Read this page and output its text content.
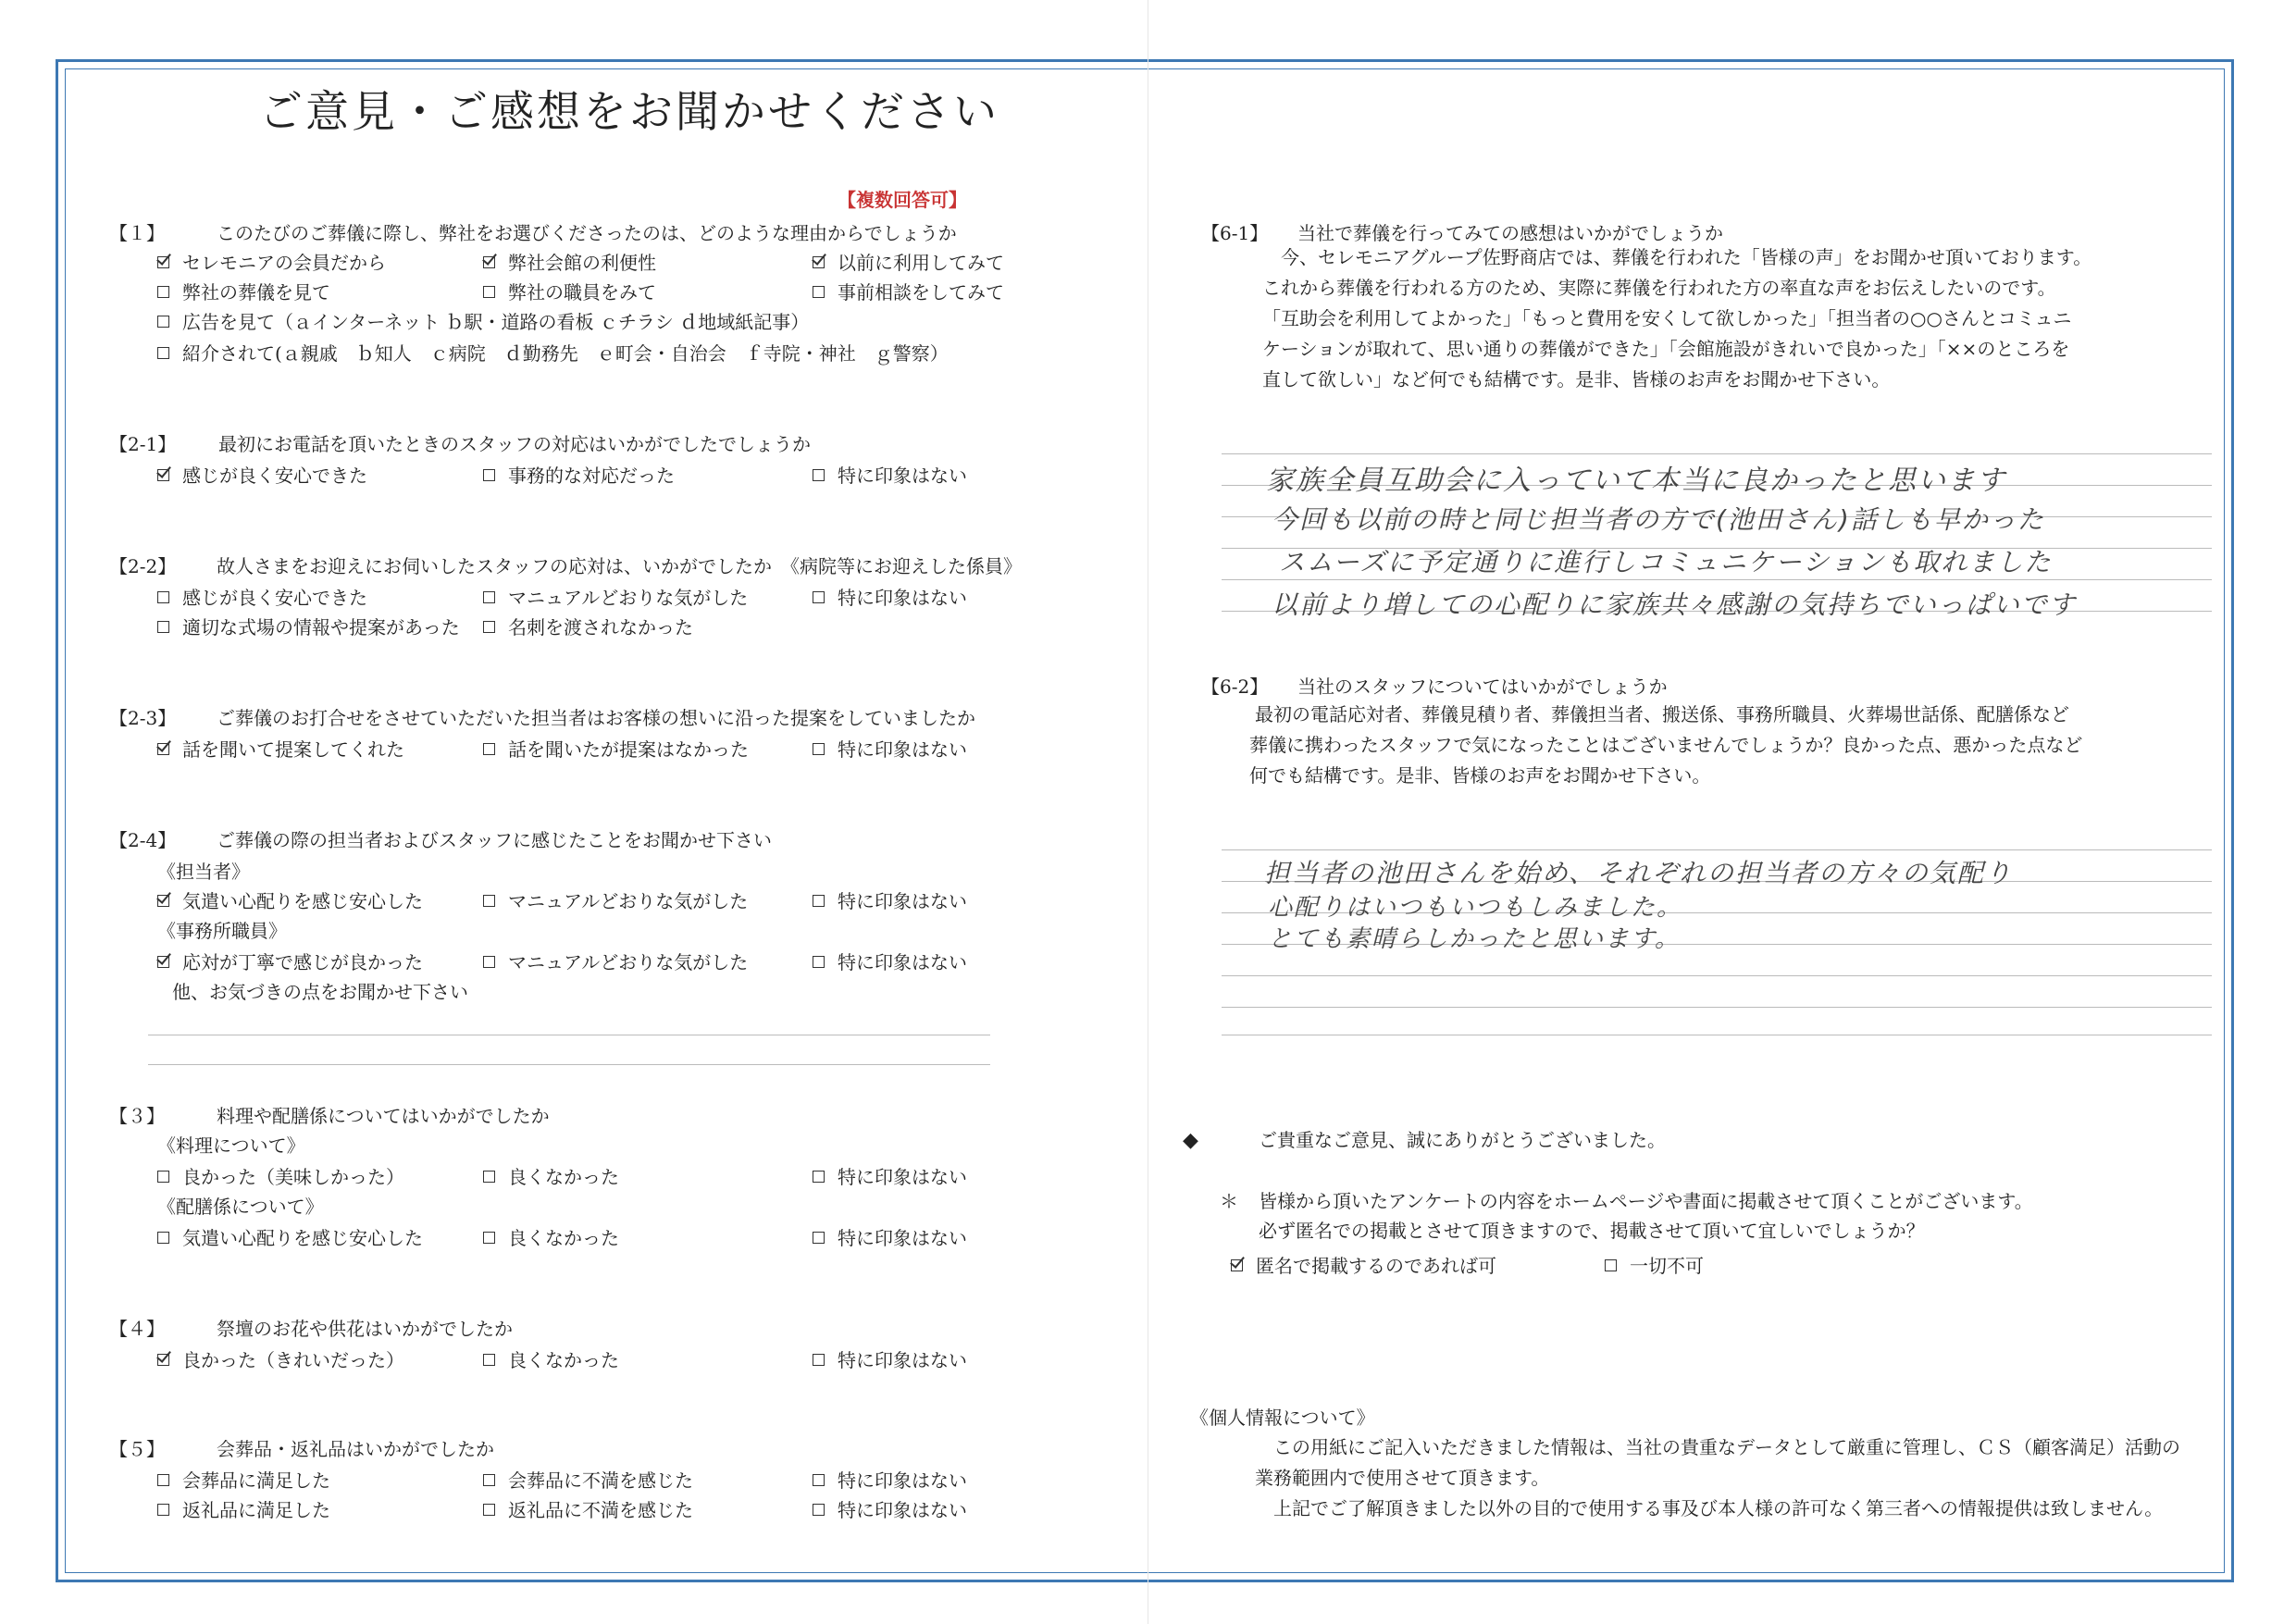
ご意見・ご感想をお聞かせください
【複数回答可】
【１】	このたびのご葬儀に際し、弊社をお選びくださったのは、どのような理由からでしょうか
セレモニアの会員だから	弊社会館の利便性	以前に利用してみて
弊社の葬儀を見て	弊社の職員をみて	事前相談をしてみて
広告を見て（ａインターネット ｂ駅・道路の看板 ｃチラシ ｄ地域紙記事）
紹介されて(ａ親戚　ｂ知人　ｃ病院　ｄ勤務先　ｅ町会・自治会　ｆ寺院・神社　ｇ警察）
【2-1】 最初にお電話を頂いたときのスタッフの対応はいかがでしたでしょうか
感じが良く安心できた	事務的な対応だった	特に印象はない
【2-2】 故人さまをお迎えにお伺いしたスタッフの応対は、いかがでしたか　《病院等にお迎えした係員》
感じが良く安心できた	マニュアルどおりな気がした	特に印象はない
適切な式場の情報や提案があった	名刺を渡されなかった
【2-3】 ご葬儀のお打合せをさせていただいた担当者はお客様の想いに沿った提案をしていましたか
話を聞いて提案してくれた	話を聞いたが提案はなかった	特に印象はない
【2-4】 ご葬儀の際の担当者およびスタッフに感じたことをお聞かせ下さい
《担当者》
気遣い心配りを感じ安心した	マニュアルどおりな気がした	特に印象はない
《事務所職員》
応対が丁寧で感じが良かった	マニュアルどおりな気がした	特に印象はない
他、お気づきの点をお聞かせ下さい
【３】	料理や配膳係についてはいかがでしたか
《料理について》
良かった（美味しかった）	良くなかった	特に印象はない
《配膳係について》
気遣い心配りを感じ安心した	良くなかった	特に印象はない
【４】	祭壇のお花や供花はいかがでしたか
良かった（きれいだった）	良くなかった	特に印象はない
【５】	会葬品・返礼品はいかがでしたか
会葬品に満足した	会葬品に不満を感じた	特に印象はない
返礼品に満足した	返礼品に不満を感じた	特に印象はない
【6-1】 当社で葬儀を行ってみての感想はいかがでしょうか
今、セレモニアグループ佐野商店では、葬儀を行われた「皆様の声」をお聞かせ頂いております。
これから葬儀を行われる方のため、実際に葬儀を行われた方の率直な声をお伝えしたいのです。
「互助会を利用してよかった」「もっと費用を安くして欲しかった」「担当者の○○さんとコミュニ
ケーションが取れて、思い通りの葬儀ができた」「会館施設がきれいで良かった」「××のところを
直して欲しい」など何でも結構です。是非、皆様のお声をお聞かせ下さい。
家族全員互助会に入っていて本当に良かったと思います
今回も以前の時と同じ担当者の方で(池田さん)話しも早かった
スムーズに予定通りに進行しコミュニケーションも取れました
以前より増しての心配りに家族共々感謝の気持ちでいっぱいです
【6-2】 当社のスタッフについてはいかがでしょうか
最初の電話応対者、葬儀見積り者、葬儀担当者、搬送係、事務所職員、火葬場世話係、配膳係など
葬儀に携わったスタッフで気になったことはございませんでしょうか？良かった点、悪かった点など
何でも結構です。是非、皆様のお声をお聞かせ下さい。
担当者の池田さんを始め、それぞれの担当者の方々の気配り
心配りはいつもいつもしみました。
とても素晴らしかったと思います。
◆	ご貴重なご意見、誠にありがとうございました。
＊ 皆様から頂いたアンケートの内容をホームページや書面に掲載させて頂くことがございます。
必ず匿名での掲載とさせて頂きますので、掲載させて頂いて宜しいでしょうか？
匿名で掲載するのであれば可	一切不可
《個人情報について》
この用紙にご記入いただきました情報は、当社の貴重なデータとして厳重に管理し、ＣＳ（顧客満足）活動の
業務範囲内で使用させて頂きます。
上記でご了解頂きました以外の目的で使用する事及び本人様の許可なく第三者への情報提供は致しません。
